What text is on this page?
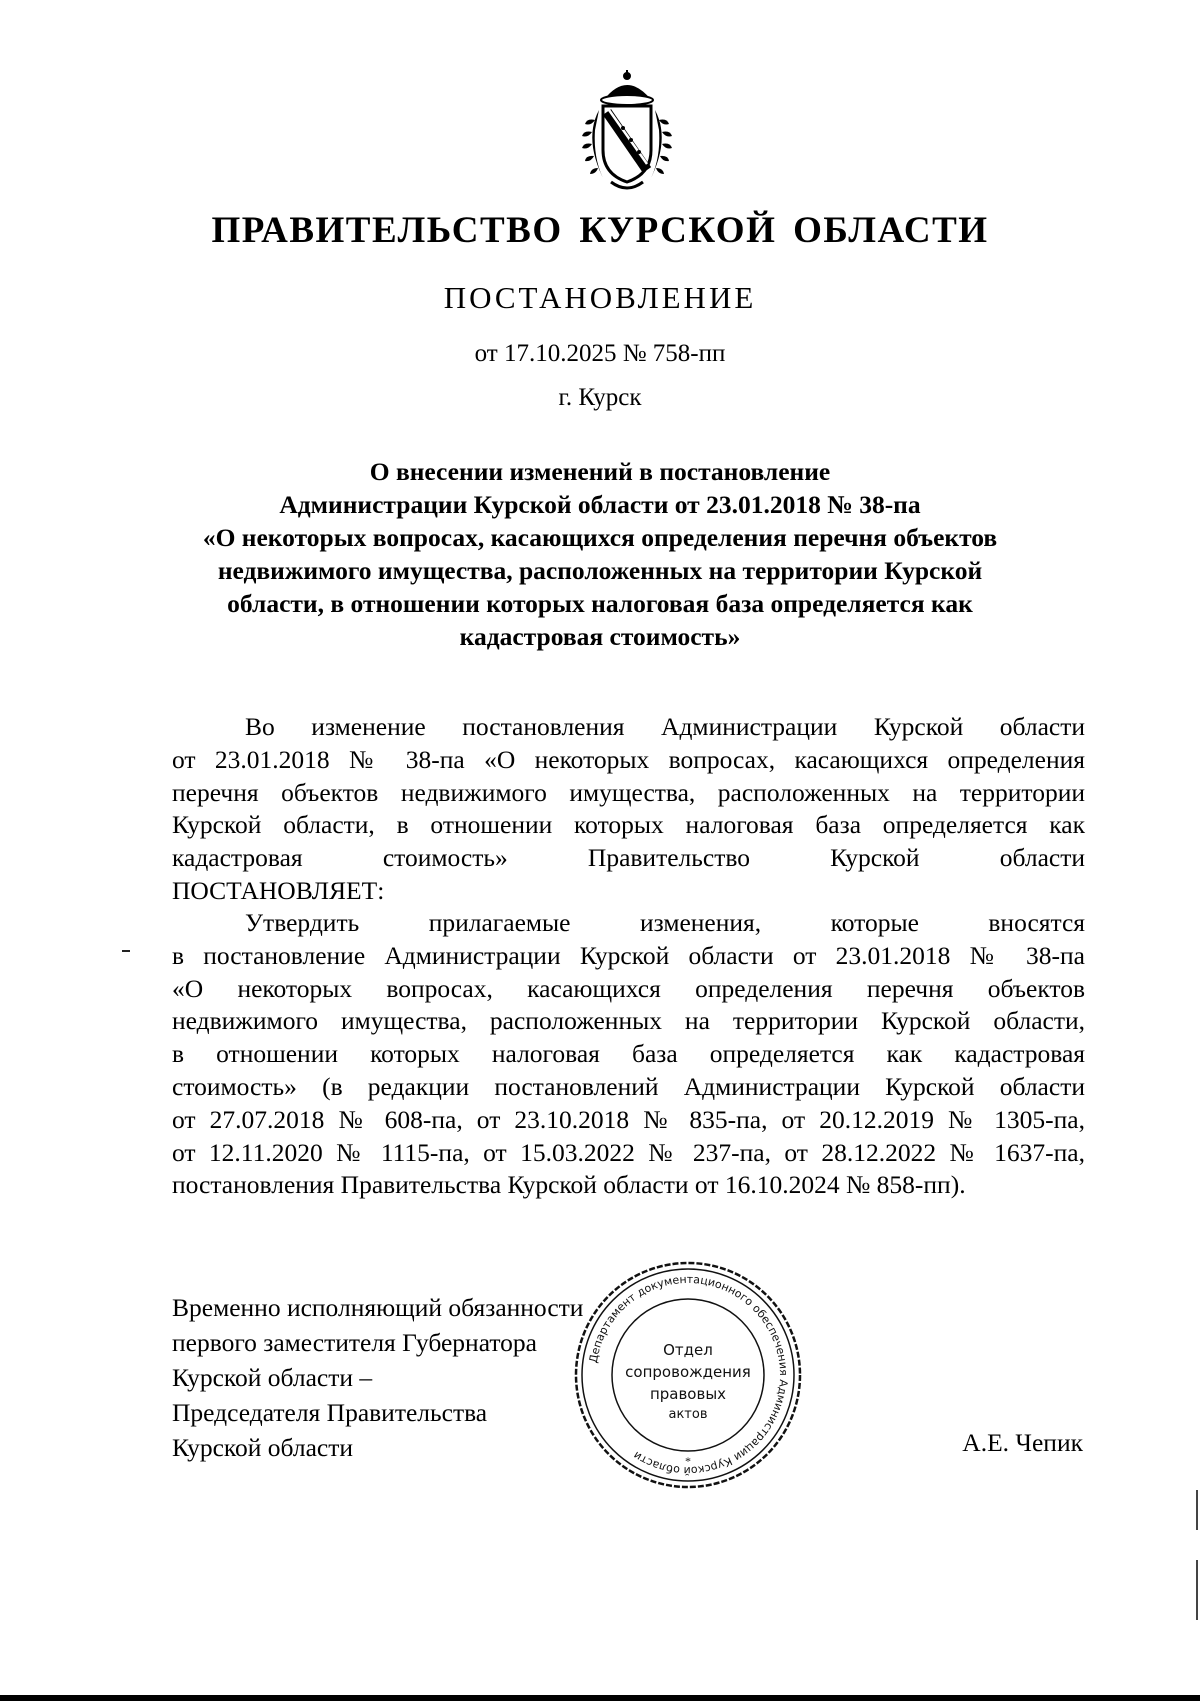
ПРАВИТЕЛЬСТВО КУРСКОЙ ОБЛАСТИ
ПОСТАНОВЛЕНИЕ
от 17.10.2025 № 758-пп
г. Курск
О внесении изменений в постановление
Администрации Курской области от 23.01.2018 № 38-па
«О некоторых вопросах, касающихся определения перечня объектов
недвижимого имущества, расположенных на территории Курской
области, в отношении которых налоговая база определяется как
кадастровая стоимость»
Во изменение постановления Администрации Курской области
от 23.01.2018 № 38-па «О некоторых вопросах, касающихся определения
перечня объектов недвижимого имущества, расположенных на территории
Курской области, в отношении которых налоговая база определяется как
кадастровая стоимость» Правительство Курской области
ПОСТАНОВЛЯЕТ:
Утвердить прилагаемые изменения, которые вносятся
в постановление Администрации Курской области от 23.01.2018 № 38-па
«О некоторых вопросах, касающихся определения перечня объектов
недвижимого имущества, расположенных на территории Курской области,
в отношении которых налоговая база определяется как кадастровая
стоимость» (в редакции постановлений Администрации Курской области
от 27.07.2018 № 608-па, от 23.10.2018 № 835-па, от 20.12.2019 № 1305-па,
от 12.11.2020 № 1115-па, от 15.03.2022 № 237-па, от 28.12.2022 № 1637-па,
постановления Правительства Курской области от 16.10.2024 № 858-пп).
Временно исполняющий обязанности
первого заместителя Губернатора
Курской области –
Председателя Правительства
Курской области
Департамент документационного обеспечения Администрации Курской области	*
Отдел
сопровождения
правовых
актов
А.Е. Чепик
